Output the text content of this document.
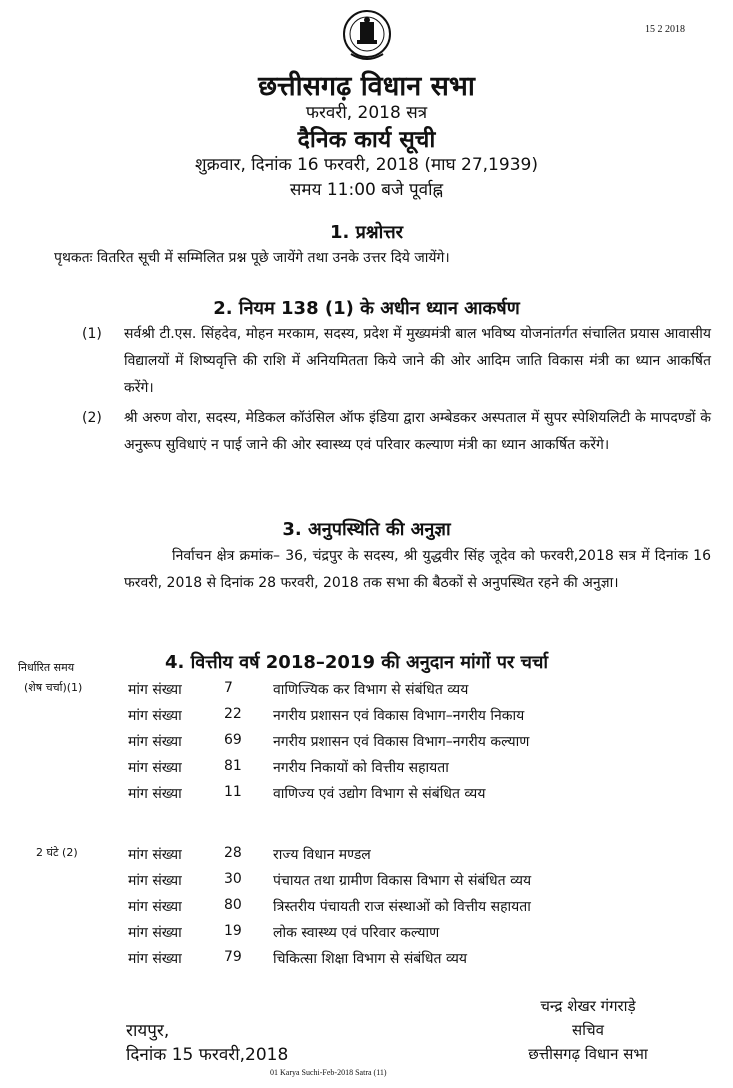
15 2 2018
छत्तीसगढ़ विधान सभा
फरवरी, 2018 सत्र
दैनिक कार्य सूची
शुक्रवार, दिनांक 16 फरवरी, 2018 (माघ 27,1939)
समय 11:00 बजे पूर्वाह्न
1. प्रश्नोत्तर
पृथकतः वितरित सूची में सम्मिलित प्रश्न पूछे जायेंगे तथा उनके उत्तर दिये जायेंगे।
2. नियम 138 (1) के अधीन ध्यान आकर्षण
(1) सर्वश्री टी.एस. सिंहदेव, मोहन मरकाम, सदस्य, प्रदेश में मुख्यमंत्री बाल भविष्य योजनांतर्गत संचालित प्रयास आवासीय विद्यालयों में शिष्यवृत्ति की राशि में अनियमितता किये जाने की ओर आदिम जाति विकास मंत्री का ध्यान आकर्षित करेंगे।
(2) श्री अरुण वोरा, सदस्य, मेडिकल कॉउंसिल ऑफ इंडिया द्वारा अम्बेडकर अस्पताल में सुपर स्पेशियलिटी के मापदण्डों के अनुरूप सुविधाएं न पाई जाने की ओर स्वास्थ्य एवं परिवार कल्याण मंत्री का ध्यान आकर्षित करेंगे।
3. अनुपस्थिति की अनुज्ञा
निर्वाचन क्षेत्र क्रमांक– 36, चंद्रपुर के सदस्य, श्री युद्धवीर सिंह जूदेव को फरवरी,2018 सत्र में दिनांक 16 फरवरी, 2018 से दिनांक 28 फरवरी, 2018 तक सभा की बैठकों से अनुपस्थित रहने की अनुज्ञा।
4. वित्तीय वर्ष 2018–2019 की अनुदान मांगों पर चर्चा
निर्धारित समय
(शेष चर्चा)(1)
2 घंटे (2)
मांग संख्या	7	वाणिज्यिक कर विभाग से संबंधित व्यय
मांग संख्या	22	नगरीय प्रशासन एवं विकास विभाग–नगरीय निकाय
मांग संख्या	69	नगरीय प्रशासन एवं विकास विभाग–नगरीय कल्याण
मांग संख्या	81	नगरीय निकायों को वित्तीय सहायता
मांग संख्या	11	वाणिज्य एवं उद्योग विभाग से संबंधित व्यय
मांग संख्या	28	राज्य विधान मण्डल
मांग संख्या	30	पंचायत तथा ग्रामीण विकास विभाग से संबंधित व्यय
मांग संख्या	80	त्रिस्तरीय पंचायती राज संस्थाओं को वित्तीय सहायता
मांग संख्या	19	लोक स्वास्थ्य एवं परिवार कल्याण
मांग संख्या	79	चिकित्सा शिक्षा विभाग से संबंधित व्यय
चन्द्र शेखर गंगराड़े
सचिव
छत्तीसगढ़ विधान सभा
रायपुर,
दिनांक 15 फरवरी,2018
01 Karya Suchi-Feb-2018 Satra (11)
